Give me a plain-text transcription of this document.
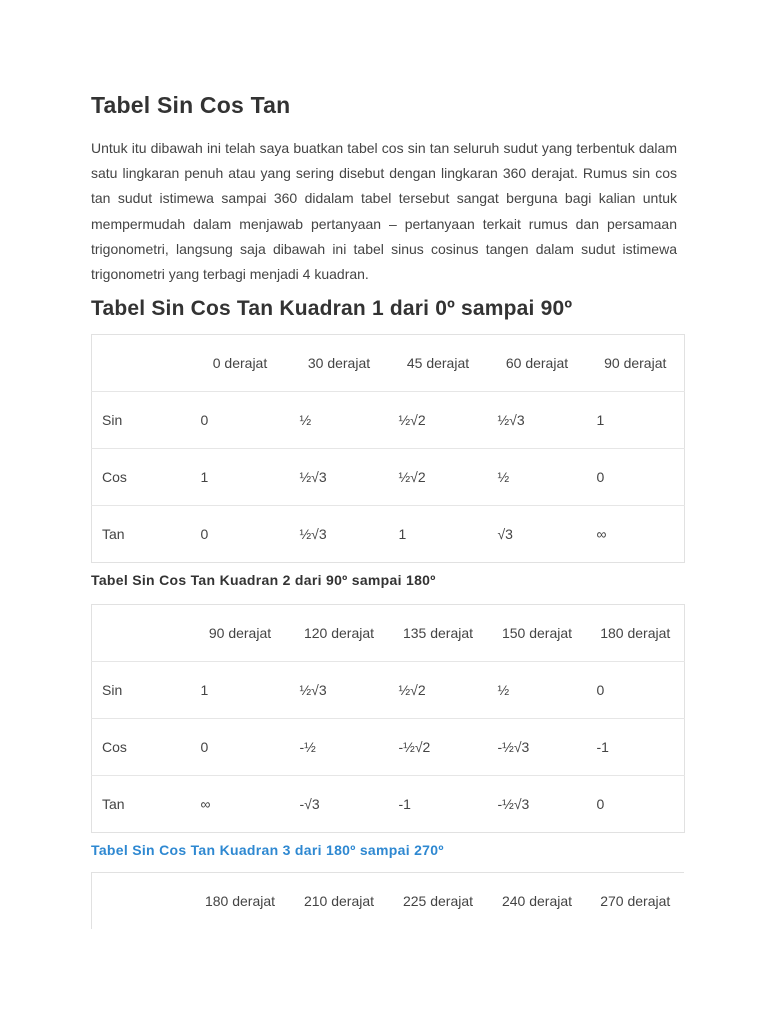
Tabel Sin Cos Tan

Untuk itu dibawah ini telah saya buatkan tabel cos sin tan seluruh sudut yang terbentuk dalam satu lingkaran penuh atau yang sering disebut dengan lingkaran 360 derajat. Rumus sin cos tan sudut istimewa sampai 360 didalam tabel tersebut sangat berguna bagi kalian untuk mempermudah dalam menjawab pertanyaan – pertanyaan terkait rumus dan persamaan trigonometri, langsung saja dibawah ini tabel sinus cosinus tangen dalam sudut istimewa trigonometri yang terbagi menjadi 4 kuadran.

Tabel Sin Cos Tan Kuadran 1 dari 0º sampai 90º
	0 derajat	30 derajat	45 derajat	60 derajat	90 derajat
Sin	0	½	½√2	½√3	1
Cos	1	½√3	½√2	½	0
Tan	0	½√3	1	√3	∞
Tabel Sin Cos Tan Kuadran 2 dari 90º sampai 180º
	90 derajat	120 derajat	135 derajat	150 derajat	180 derajat
Sin	1	½√3	½√2	½	0
Cos	0	-½	-½√2	-½√3	-1
Tan	∞	-√3	-1	-½√3	0
Tabel Sin Cos Tan Kuadran 3 dari 180º sampai 270º
	180 derajat	210 derajat	225 derajat	240 derajat	270 derajat
